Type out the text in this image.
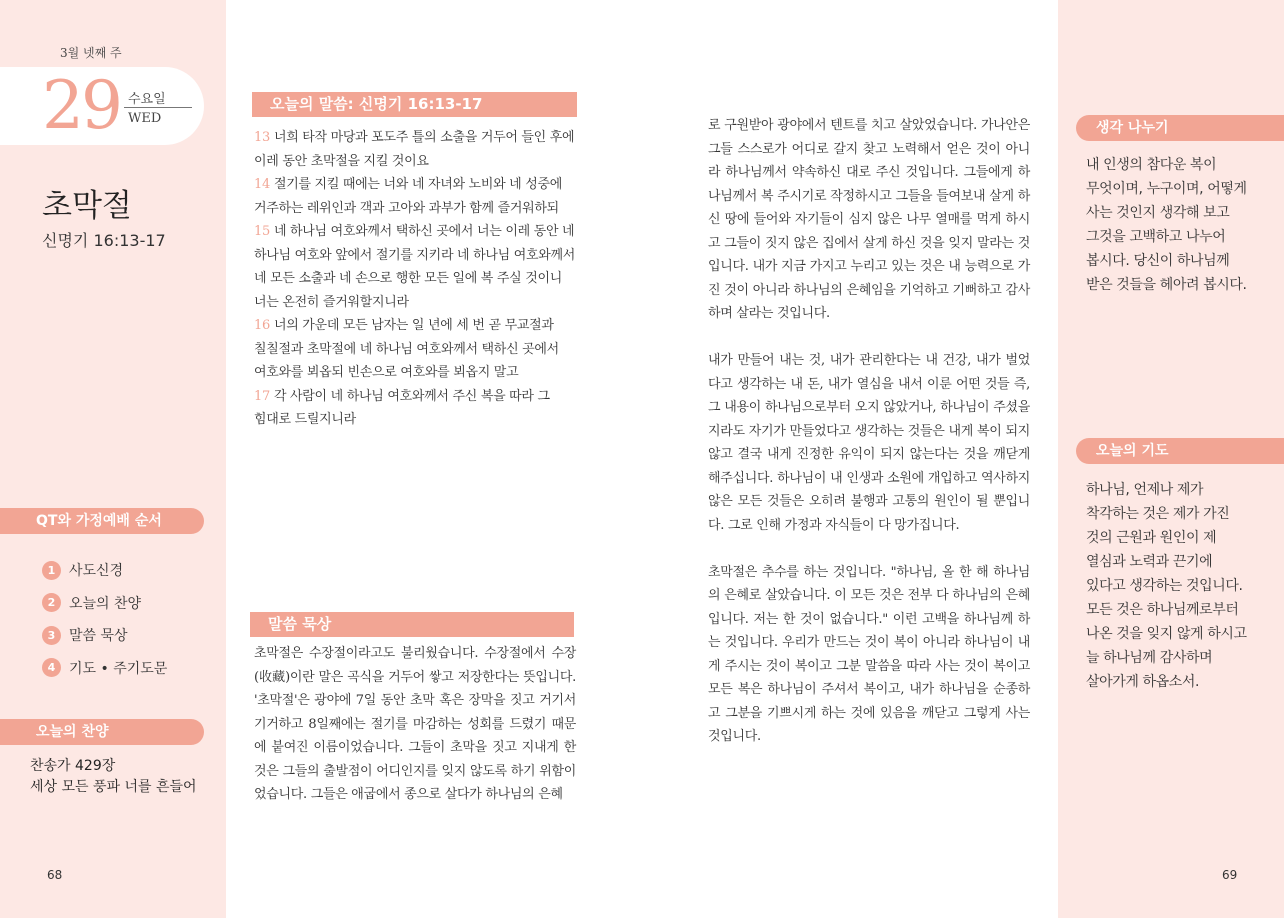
3월 넷째 주
29 수요일
WED
초막절
신명기 16:13-17
QT와 가정예배 순서
1 사도신경
2 오늘의 찬양
3 말씀 묵상
4 기도 • 주기도문
오늘의 찬양
찬송가 429장
세상 모든 풍파 너를 흔들어
68	69
오늘의 말씀: 신명기 16:13-17
13 너희 타작 마당과 포도주 틀의 소출을 거두어 들인 후에 이레 동안 초막절을 지킬 것이요
14 절기를 지킬 때에는 너와 네 자녀와 노비와 네 성중에 거주하는 레위인과 객과 고아와 과부가 함께 즐거워하되
15 네 하나님 여호와께서 택하신 곳에서 너는 이레 동안 네 하나님 여호와 앞에서 절기를 지키라 네 하나님 여호와께서 네 모든 소출과 네 손으로 행한 모든 일에 복 주실 것이니 너는 온전히 즐거워할지니라
16 너의 가운데 모든 남자는 일 년에 세 번 곧 무교절과 칠칠절과 초막절에 네 하나님 여호와께서 택하신 곳에서 여호와를 뵈옵되 빈손으로 여호와를 뵈옵지 말고
17 각 사람이 네 하나님 여호와께서 주신 복을 따라 그 힘대로 드릴지니라
말씀 묵상
초막절은 수장절이라고도 불리웠습니다. 수장절에서 수장(收藏)이란 말은 곡식을 거두어 쌓고 저장한다는 뜻입니다. '초막절'은 광야에 7일 동안 초막 혹은 장막을 짓고 거기서 기거하고 8일째에는 절기를 마감하는 성회를 드렸기 때문에 붙여진 이름이었습니다. 그들이 초막을 짓고 지내게 한 것은 그들의 출발점이 어디인지를 잊지 않도록 하기 위함이었습니다. 그들은 애굽에서 종으로 살다가 하나님의 은혜

로 구원받아 광야에서 텐트를 치고 살았었습니다. 가나안은 그들 스스로가 어디로 갈지 찾고 노력해서 얻은 것이 아니라 하나님께서 약속하신 대로 주신 것입니다. 그들에게 하나님께서 복 주시기로 작정하시고 그들을 들여보내 살게 하신 땅에 들어와 자기들이 심지 않은 나무 열매를 먹게 하시고 그들이 짓지 않은 집에서 살게 하신 것을 잊지 말라는 것입니다. 내가 지금 가지고 누리고 있는 것은 내 능력으로 가진 것이 아니라 하나님의 은혜임을 기억하고 기뻐하고 감사하며 살라는 것입니다.

내가 만들어 내는 것, 내가 관리한다는 내 건강, 내가 벌었다고 생각하는 내 돈, 내가 열심을 내서 이룬 어떤 것들 즉, 그 내용이 하나님으로부터 오지 않았거나, 하나님이 주셨을지라도 자기가 만들었다고 생각하는 것들은 내게 복이 되지 않고 결국 내게 진정한 유익이 되지 않는다는 것을 깨닫게 해주십니다. 하나님이 내 인생과 소원에 개입하고 역사하지 않은 모든 것들은 오히려 불행과 고통의 원인이 될 뿐입니다. 그로 인해 가정과 자식들이 다 망가집니다.

초막절은 추수를 하는 것입니다. "하나님, 올 한 해 하나님의 은혜로 살았습니다. 이 모든 것은 전부 다 하나님의 은혜입니다. 저는 한 것이 없습니다." 이런 고백을 하나님께 하는 것입니다. 우리가 만드는 것이 복이 아니라 하나님이 내게 주시는 것이 복이고 그분 말씀을 따라 사는 것이 복이고 모든 복은 하나님이 주셔서 복이고, 내가 하나님을 순종하고 그분을 기쁘시게 하는 것에 있음을 깨닫고 그렇게 사는 것입니다.

생각 나누기
내 인생의 참다운 복이
무엇이며, 누구이며, 어떻게
사는 것인지 생각해 보고
그것을 고백하고 나누어
봅시다. 당신이 하나님께
받은 것들을 헤아려 봅시다.
오늘의 기도
하나님, 언제나 제가
착각하는 것은 제가 가진
것의 근원과 원인이 제
열심과 노력과 끈기에
있다고 생각하는 것입니다.
모든 것은 하나님께로부터
나온 것을 잊지 않게 하시고
늘 하나님께 감사하며
살아가게 하옵소서.
